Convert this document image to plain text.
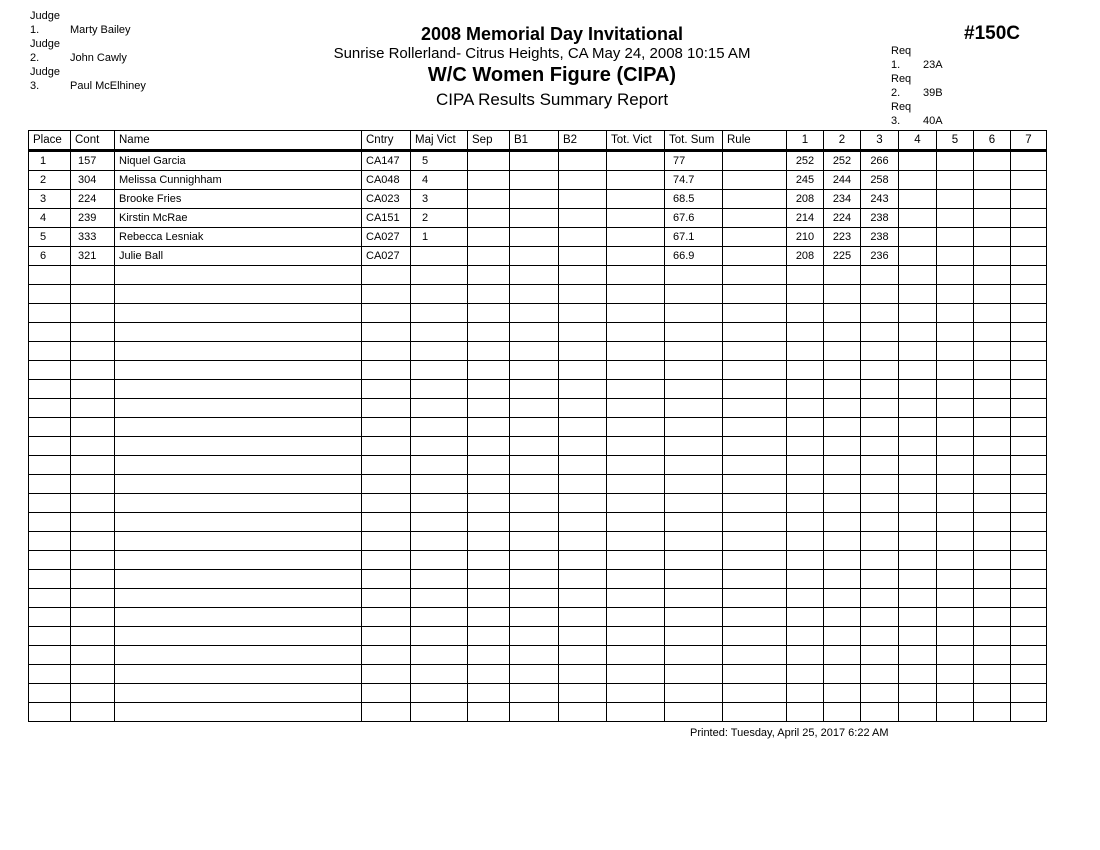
Judge 1.	Marty Bailey
Judge 2.	John Cawly
Judge 3.	Paul McElhiney
2008 Memorial Day Invitational
Sunrise Rollerland- Citrus Heights, CA May 24, 2008 10:15 AM
W/C Women Figure (CIPA)
CIPA Results Summary Report
#150C
Req 1. 23A
Req 2. 39B
Req 3. 40A
Place	Cont	Name	Cntry	Maj Vict	Sep	B1	B2	Tot. Vict	Tot. Sum	Rule	1	2	3	4	5	6	7
1	157	Niquel Garcia	CA147	5					77		252	252	266				
2	304	Melissa Cunnighham	CA048	4					74.7		245	244	258				
3	224	Brooke Fries	CA023	3					68.5		208	234	243				
4	239	Kirstin McRae	CA151	2					67.6		214	224	238				
5	333	Rebecca Lesniak	CA027	1					67.1		210	223	238				
6	321	Julie Ball	CA027						66.9		208	225	236				

Printed: Tuesday, April 25, 2017 6:22 AM
